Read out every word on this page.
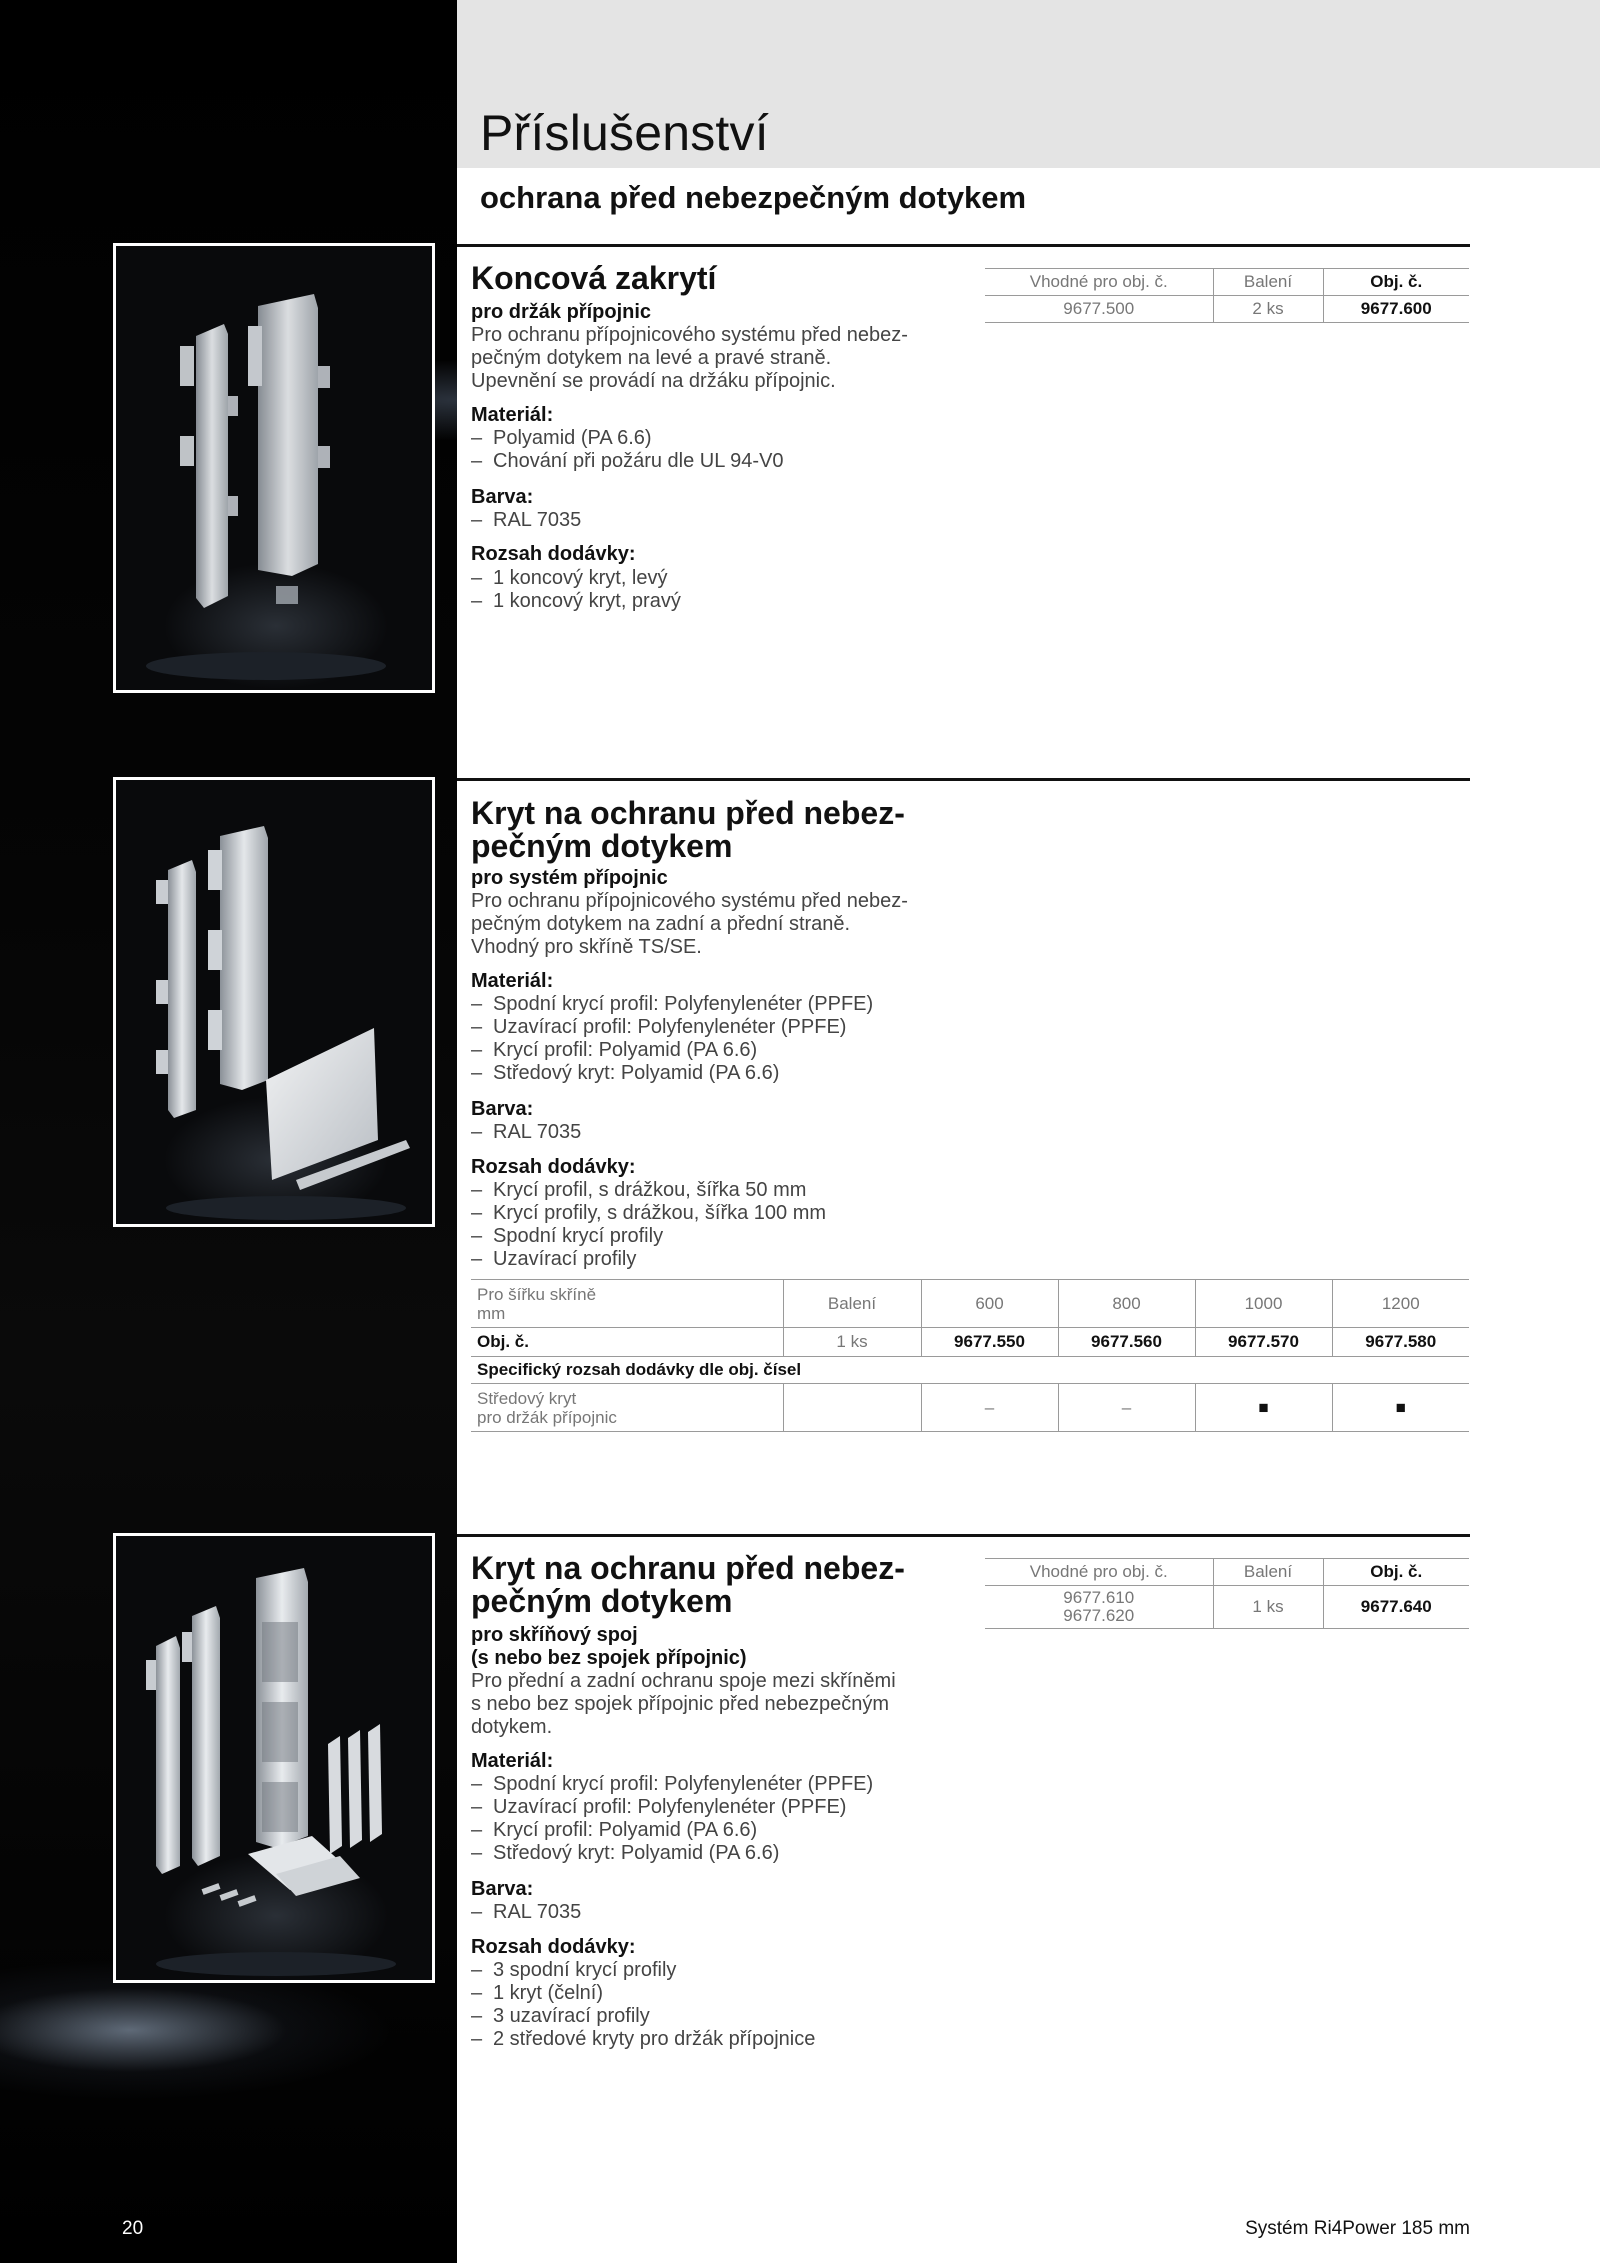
Příslušenství
ochrana před nebezpečným dotykem
Koncová zakrytí
pro držák přípojnic
Pro ochranu přípojnicového systému před nebez-
pečným dotykem na levé a pravé straně.
Upevnění se provádí na držáku přípojnic.
Materiál:
– Polyamid (PA 6.6)
– Chování při požáru dle UL 94-V0
Barva:
– RAL 7035
Rozsah dodávky:
– 1 koncový kryt, levý
– 1 koncový kryt, pravý
Vhodné pro obj. č.	Balení	Obj. č.
9677.500	2 ks	9677.600
Kryt na ochranu před nebez-
pečným dotykem
pro systém přípojnic
Pro ochranu přípojnicového systému před nebez-
pečným dotykem na zadní a přední straně.
Vhodný pro skříně TS/SE.
Materiál:
– Spodní krycí profil: Polyfenylenéter (PPFE)
– Uzavírací profil: Polyfenylenéter (PPFE)
– Krycí profil: Polyamid (PA 6.6)
– Středový kryt: Polyamid (PA 6.6)
Barva:
– RAL 7035
Rozsah dodávky:
– Krycí profil, s drážkou, šířka 50 mm
– Krycí profily, s drážkou, šířka 100 mm
– Spodní krycí profily
– Uzavírací profily
Pro šířku skříně
mm	Balení	600	800	1000	1200
Obj. č.	1 ks	9677.550	9677.560	9677.570	9677.580
Specifický rozsah dodávky dle obj. čísel					

Středový kryt
pro držák přípojnic		–	–	■	■
Kryt na ochranu před nebez-
pečným dotykem
pro skříňový spoj
(s nebo bez spojek přípojnic)
Pro přední a zadní ochranu spoje mezi skříněmi
s nebo bez spojek přípojnic před nebezpečným
dotykem.
Materiál:
– Spodní krycí profil: Polyfenylenéter (PPFE)
– Uzavírací profil: Polyfenylenéter (PPFE)
– Krycí profil: Polyamid (PA 6.6)
– Středový kryt: Polyamid (PA 6.6)
Barva:
– RAL 7035
Rozsah dodávky:
– 3 spodní krycí profily
– 1 kryt (čelní)
– 3 uzavírací profily
– 2 středové kryty pro držák přípojnice
Vhodné pro obj. č.	Balení	Obj. č.

9677.610
9677.620	1 ks	9677.640
20	Systém Ri4Power 185 mm
